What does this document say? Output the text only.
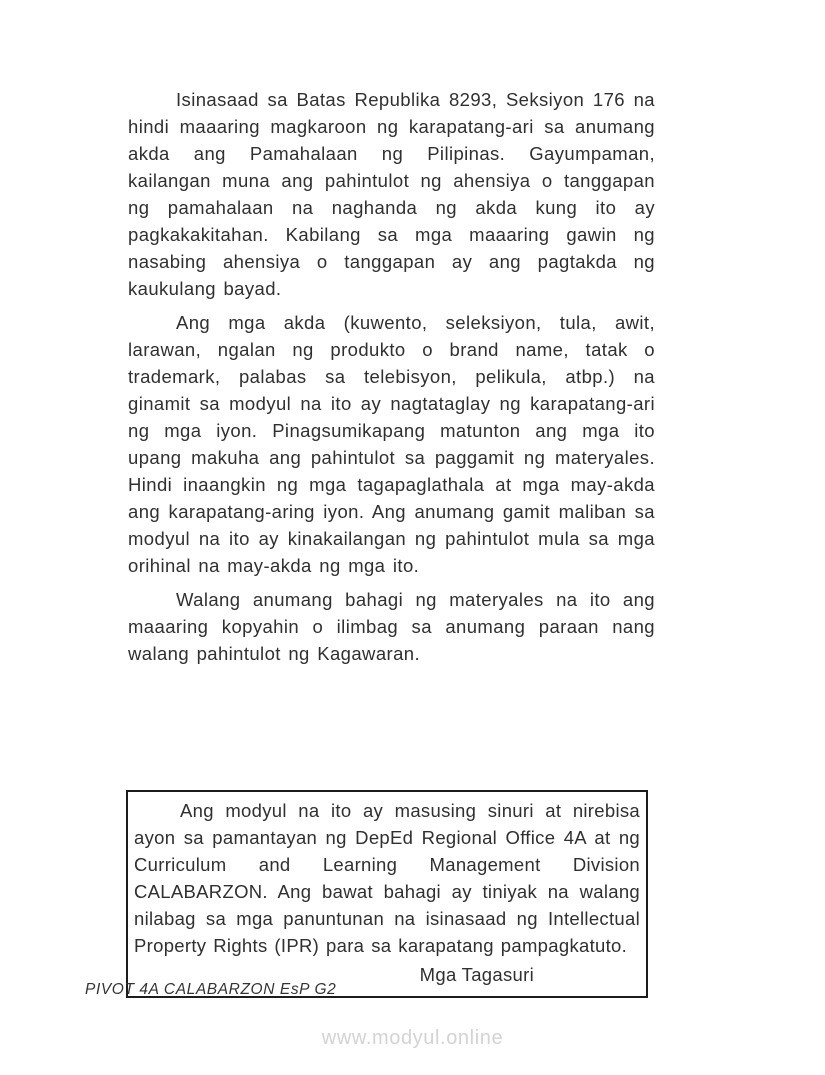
Isinasaad sa Batas Republika 8293, Seksiyon 176 na hindi maaaring magkaroon ng karapatang-ari sa anumang akda ang Pamahalaan ng Pilipinas. Gayumpaman, kailangan muna ang pahintulot ng ahensiya o tanggapan ng pamahalaan na naghanda ng akda kung ito ay pagkakakitahan. Kabilang sa mga maaaring gawin ng nasabing ahensiya o tanggapan ay ang pagtakda ng kaukulang bayad.

Ang mga akda (kuwento, seleksiyon, tula, awit, larawan, ngalan ng produkto o brand name, tatak o trademark, palabas sa telebisyon, pelikula, atbp.) na ginamit sa modyul na ito ay nagtataglay ng karapatang-ari ng mga iyon. Pinagsumikapang matunton ang mga ito upang makuha ang pahintulot sa paggamit ng materyales. Hindi inaangkin ng mga tagapaglathala at mga may-akda ang karapatang-aring iyon. Ang anumang gamit maliban sa modyul na ito ay kinakailangan ng pahintulot mula sa mga orihinal na may-akda ng mga ito.

Walang anumang bahagi ng materyales na ito ang maaaring kopyahin o ilimbag sa anumang paraan nang walang pahintulot ng Kagawaran.

Ang modyul na ito ay masusing sinuri at nirebisa ayon sa pamantayan ng DepEd Regional Office 4A at ng Curriculum and Learning Management Division CALABARZON. Ang bawat bahagi ay tiniyak na walang nilabag sa mga panuntunan na isinasaad ng Intellectual Property Rights (IPR) para sa karapatang pampagkatuto.

Mga Tagasuri
PIVOT 4A CALABARZON EsP G2
www.modyul.online
